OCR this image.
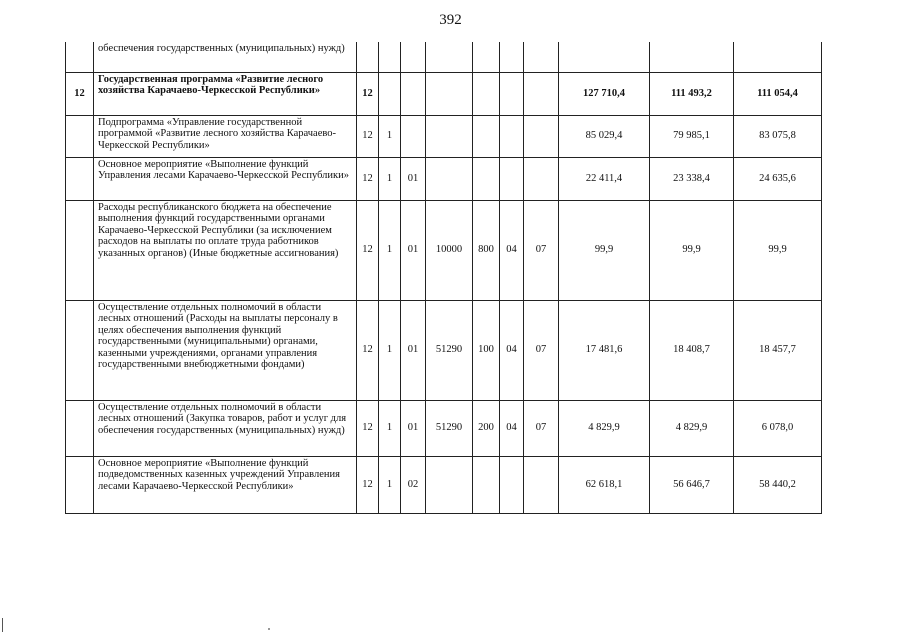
392
	обеспечения государственных (муниципальных) нужд)										
12	Государственная программа «Развитие лесного хозяйства Карачаево-Черкесской Республики»	12							127 710,4	111 493,2	111 054,4
	Подпрограмма «Управление государственной программой «Развитие лесного хозяйства Карачаево-Черкесской Республики»	12	1						85 029,4	79 985,1	83 075,8
	Основное мероприятие «Выполнение функций Управления лесами Карачаево-Черкесской Республики»	12	1	01					22 411,4	23 338,4	24 635,6
	Расходы республиканского бюджета на обеспечение выполнения функций государственными органами Карачаево-Черкесской Республики (за исключением расходов на выплаты по оплате труда работников указанных органов) (Иные бюджетные ассигнования)	12	1	01	10000	800	04	07	99,9	99,9	99,9
	Осуществление отдельных полномочий в области лесных отношений (Расходы на выплаты персоналу в целях обеспечения выполнения функций государственными (муниципальными) органами, казенными учреждениями, органами управления государственными внебюджетными фондами)	12	1	01	51290	100	04	07	17 481,6	18 408,7	18 457,7
	Осуществление отдельных полномочий в области лесных отношений (Закупка товаров, работ и услуг для обеспечения государственных (муниципальных) нужд)	12	1	01	51290	200	04	07	4 829,9	4 829,9	6 078,0
	Основное мероприятие «Выполнение функций подведомственных казенных учреждений Управления лесами Карачаево-Черкесской Республики»	12	1	02					62 618,1	56 646,7	58 440,2
